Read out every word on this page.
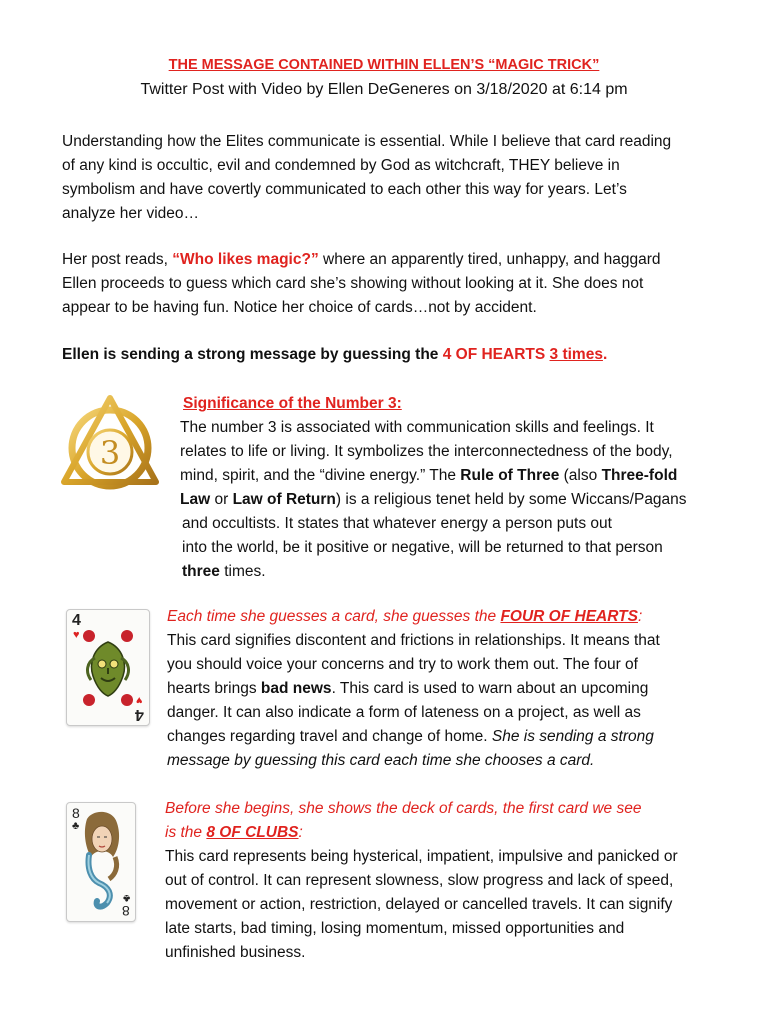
THE MESSAGE CONTAINED WITHIN ELLEN’S “MAGIC TRICK”
Twitter Post with Video by Ellen DeGeneres on 3/18/2020 at 6:14 pm
Understanding how the Elites communicate is essential. While I believe that card reading
of any kind is occultic, evil and condemned by God as witchcraft, THEY believe in
symbolism and have covertly communicated to each other this way for years. Let’s
analyze her video…
Her post reads, “Who likes magic?” where an apparently tired, unhappy, and haggard
Ellen proceeds to guess which card she’s showing without looking at it. She does not
appear to be having fun. Notice her choice of cards…not by accident.
Ellen is sending a strong message by guessing the 4 OF HEARTS 3 times.
3
Significance of the Number 3:
The number 3 is associated with communication skills and feelings. It
relates to life or living. It symbolizes the interconnectedness of the body,
mind, spirit, and the “divine energy.” The Rule of Three (also Three-fold
Law or Law of Return) is a religious tenet held by some Wiccans/Pagans
and occultists. It states that whatever energy a person puts out
into the world, be it positive or negative, will be returned to that person
three times.
4
♥
4
♥
Each time she guesses a card, she guesses the FOUR OF HEARTS:
This card signifies discontent and frictions in relationships. It means that
you should voice your concerns and try to work them out. The four of
hearts brings bad news. This card is used to warn about an upcoming
danger. It can also indicate a form of lateness on a project, as well as
changes regarding travel and change of home. She is sending a strong
message by guessing this card each time she chooses a card.
8
♣
8
♣
Before she begins, she shows the deck of cards, the first card we see
is the 8 OF CLUBS:
This card represents being hysterical, impatient, impulsive and panicked or
out of control. It can represent slowness, slow progress and lack of speed,
movement or action, restriction, delayed or cancelled travels. It can signify
late starts, bad timing, losing momentum, missed opportunities and
unfinished business.
